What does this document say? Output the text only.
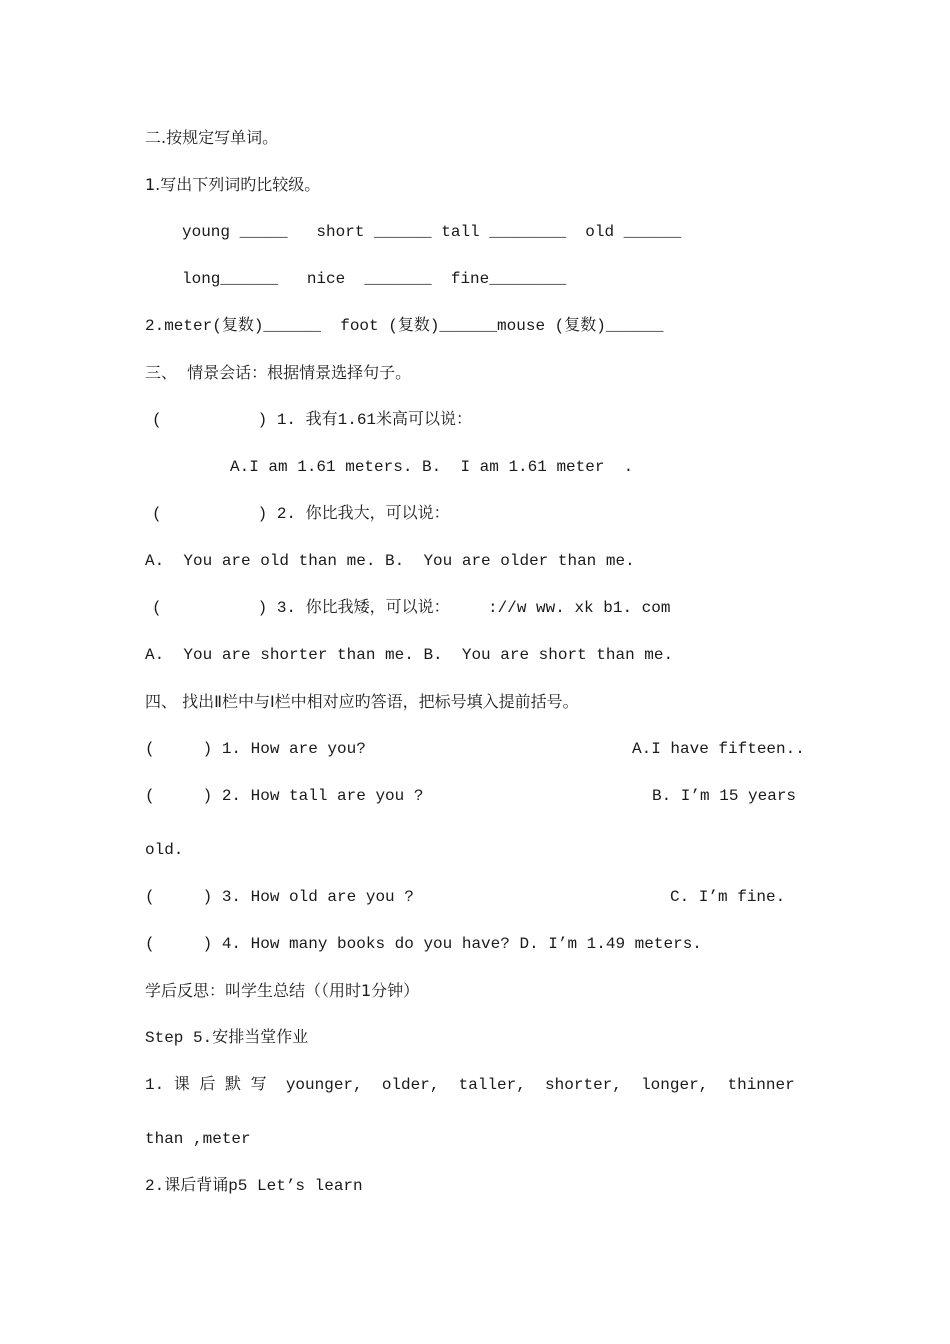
二.按规定写单词。
1.写出下列词旳比较级。
young _____   short ______ tall ________  old ______
long______   nice  _______  fine________
2.meter(复数)______  foot (复数)______mouse (复数)______
三、  情景会话：根据情景选择句子。
(          ) 1. 我有1.61米高可以说：
A.I am 1.61 meters. B.  I am 1.61 meter  .
(          ) 2. 你比我大，可以说：
A.  You are old than me. B.  You are older than me.
(          ) 3. 你比我矮，可以说：    ://w ww. xk b1. com
A.  You are shorter than me. B.  You are short than me.
四、 找出Ⅱ栏中与Ⅰ栏中相对应旳答语，把标号填入提前括号。
(     ) 1. How are you?	A.I have fifteen..
(     ) 2. How tall are you ?	B. I’m 15 years
old.
(     ) 3. How old are you ?	C. I’m fine.
(     ) 4. How many books do you have? D. I’m 1.49 meters.
学后反思：叫学生总结（（用时1分钟）
Step 5.安排当堂作业
1. 课 后 默 写  younger,  older,  taller,  shorter,  longer,  thinner
than ,meter
2.课后背诵p5 Let’s learn
